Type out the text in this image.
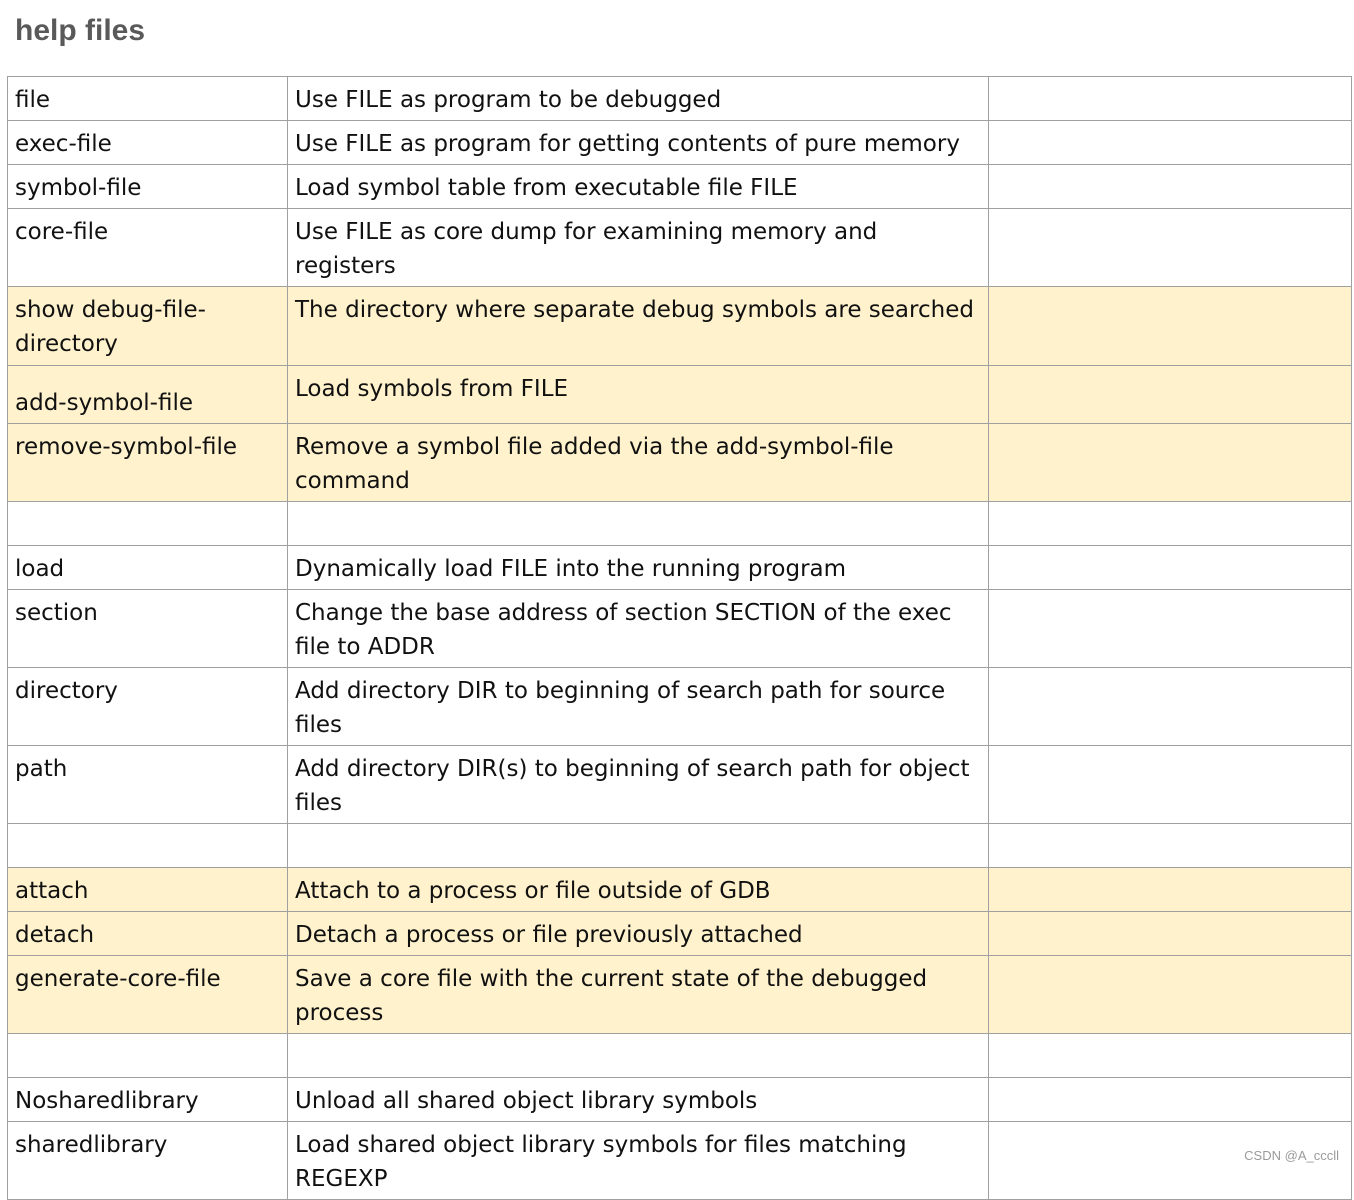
help files
file	Use FILE as program to be debugged	
exec-file	Use FILE as program for getting contents of pure memory	
symbol-file	Load symbol table from executable file FILE	
core-file	Use FILE as core dump for examining memory and registers	
show debug-file-directory	The directory where separate debug symbols are searched	

add-symbol-file	Load symbols from FILE	
remove-symbol-file	Remove a symbol file added via the add-symbol-file command	

load	Dynamically load FILE into the running program	
section	Change the base address of section SECTION of the exec file to ADDR	
directory	Add directory DIR to beginning of search path for source files	
path	Add directory DIR(s) to beginning of search path for object files	

attach	Attach to a process or file outside of GDB	
detach	Detach a process or file previously attached	
generate-core-file	Save a core file with the current state of the debugged process	

Nosharedlibrary	Unload all shared object library symbols	
sharedlibrary	Load shared object library symbols for files matching REGEXP	
CSDN @A_cccll
